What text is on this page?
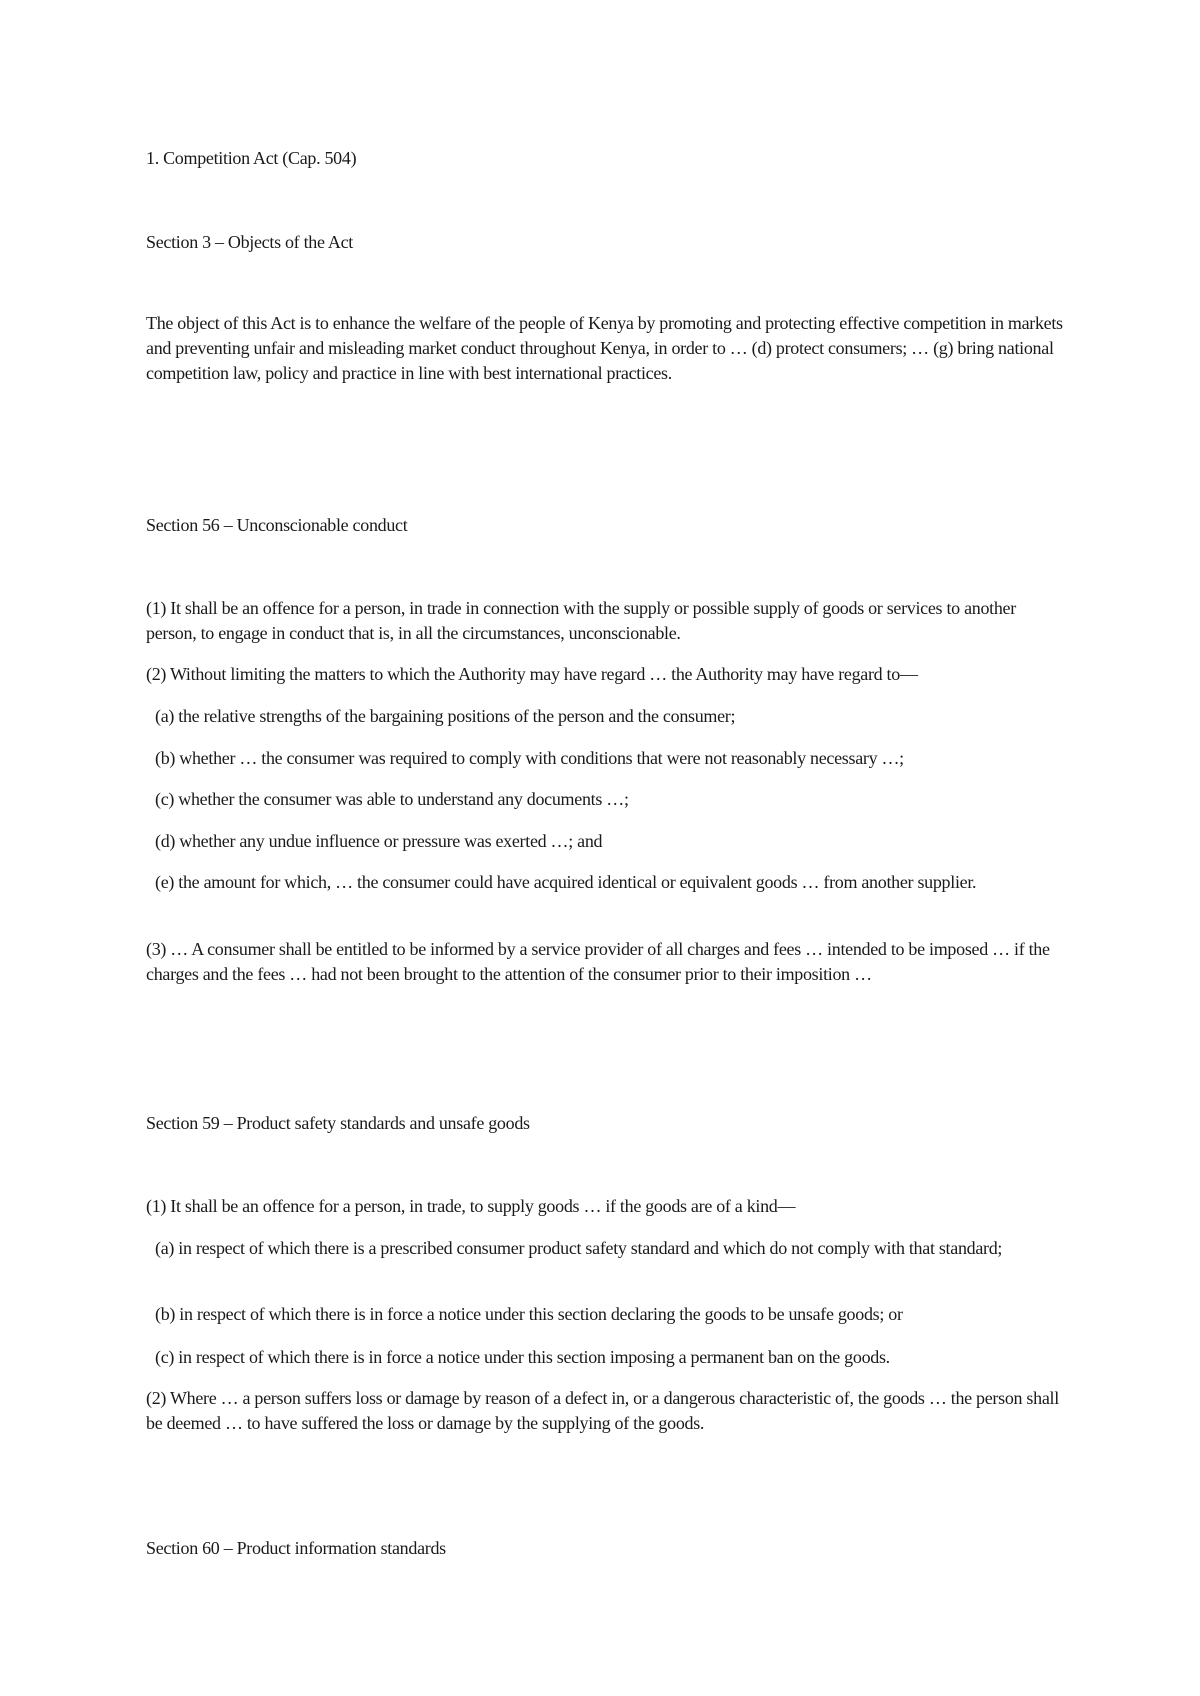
1. Competition Act (Cap. 504)

Section 3 – Objects of the Act

The object of this Act is to enhance the welfare of the people of Kenya by promoting and protecting effective competition in markets and preventing unfair and misleading market conduct throughout Kenya, in order to … (d) protect consumers; … (g) bring national competition law, policy and practice in line with best international practices.

Section 56 – Unconscionable conduct

(1) It shall be an offence for a person, in trade in connection with the supply or possible supply of goods or services to another person, to engage in conduct that is, in all the circumstances, unconscionable.

(2) Without limiting the matters to which the Authority may have regard … the Authority may have regard to—

(a) the relative strengths of the bargaining positions of the person and the consumer;

(b) whether … the consumer was required to comply with conditions that were not reasonably necessary …;

(c) whether the consumer was able to understand any documents …;

(d) whether any undue influence or pressure was exerted …; and

(e) the amount for which, … the consumer could have acquired identical or equivalent goods … from another supplier.

(3) … A consumer shall be entitled to be informed by a service provider of all charges and fees … intended to be imposed … if the charges and the fees … had not been brought to the attention of the consumer prior to their imposition …

Section 59 – Product safety standards and unsafe goods

(1) It shall be an offence for a person, in trade, to supply goods … if the goods are of a kind—

(a) in respect of which there is a prescribed consumer product safety standard and which do not comply with that standard;

(b) in respect of which there is in force a notice under this section declaring the goods to be unsafe goods; or

(c) in respect of which there is in force a notice under this section imposing a permanent ban on the goods.

(2) Where … a person suffers loss or damage by reason of a defect in, or a dangerous characteristic of, the goods … the person shall be deemed … to have suffered the loss or damage by the supplying of the goods.

Section 60 – Product information standards
